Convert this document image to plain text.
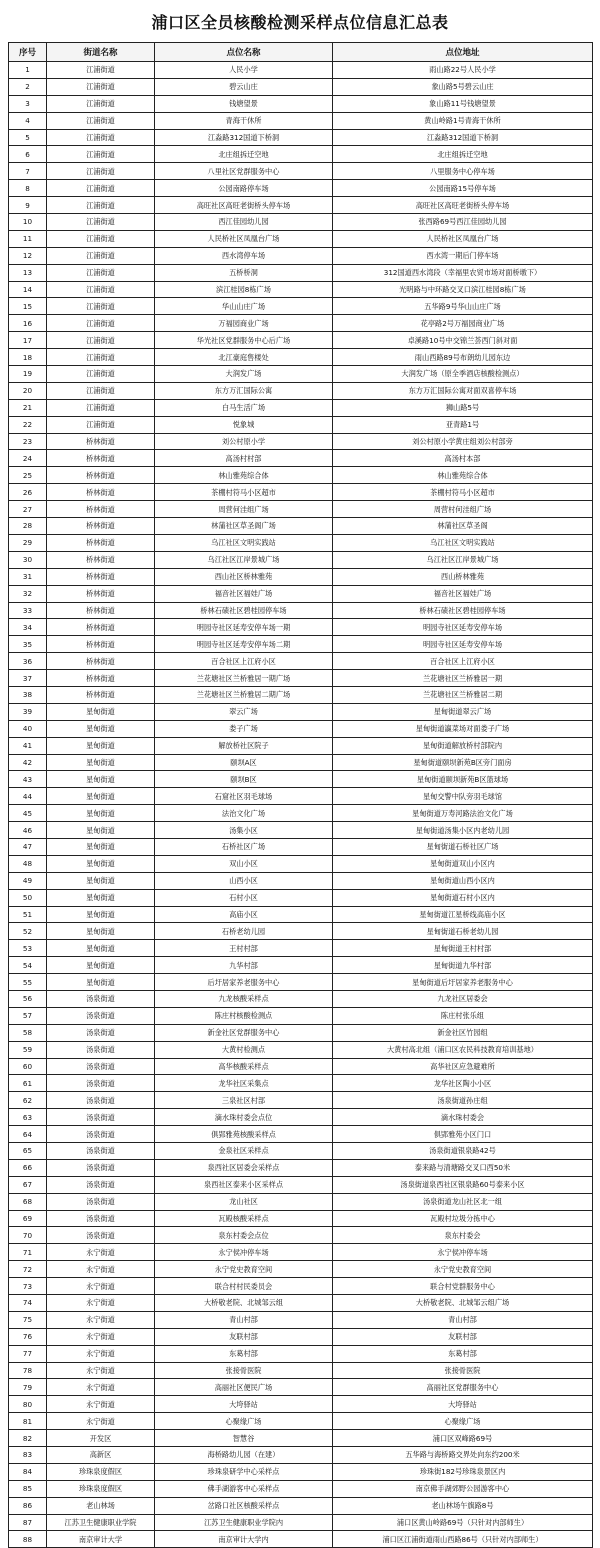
浦口区全员核酸检测采样点位信息汇总表
序号	街道名称	点位名称	点位地址
1	江浦街道	人民小学	雨山路22号人民小学
2	江浦街道	碧云山庄	象山路5号碧云山庄
3	江浦街道	钱塘望景	象山路11号钱塘望景
4	江浦街道	青海干休所	黄山岭路1号青海干休所
5	江浦街道	江淼路312国道下桥洞	江淼路312国道下桥洞
6	江浦街道	北庄组拆迁空地	北庄组拆迁空地
7	江浦街道	八里社区党群服务中心	八里服务中心停车场
8	江浦街道	公园南路停车场	公园南路15号停车场
9	江浦街道	高旺社区高旺老街桥头停车场	高旺社区高旺老街桥头停车场
10	江浦街道	西江佳园幼儿园	张西路69号西江佳园幼儿园
11	江浦街道	人民桥社区凤凰台广场	人民桥社区凤凰台广场
12	江浦街道	西水湾停车场	西水湾一期后门停车场
13	江浦街道	五桥桥洞	312国道西水湾段（幸福里农贸市场对面桥墩下）
14	江浦街道	滨江桂园8栋广场	光明路与中环路交叉口滨江桂园8栋广场
15	江浦街道	华山山庄广场	五华路9号华山山庄广场
16	江浦街道	万福园商业广场	花亭路2号万福园商业广场
17	江浦街道	华光社区党群服务中心后广场	卓溪路10号中交锦兰荟西门斜对面
18	江浦街道	北江豪庭售楼处	雨山西路89号布朗幼儿园东边
19	江浦街道	大润发广场	大润发广场（原全季酒店核酸检测点）
20	江浦街道	东方万汇国际公寓	东方万汇国际公寓对面双喜停车场
21	江浦街道	白马生活广场	狮山路5号
22	江浦街道	悦象城	亚青路1号
23	桥林街道	刘公村原小学	刘公村原小学黄庄组刘公村部旁
24	桥林街道	高汤村村部	高汤村本部
25	桥林街道	林山雅苑综合体	林山雅苑综合体
26	桥林街道	茶棚村符马小区超市	茶棚村符马小区超市
27	桥林街道	周营何洼组广场	周营村何洼组广场
28	桥林街道	林蒲社区草圣阁广场	林蒲社区草圣阁
29	桥林街道	乌江社区文明实践站	乌江社区文明实践站
30	桥林街道	乌江社区江岸景城广场	乌江社区江岸景城广场
31	桥林街道	西山社区桥林雅苑	西山桥林雅苑
32	桥林街道	福音社区福娃广场	福音社区福娃广场
33	桥林街道	桥林石碛社区碧桂园停车场	桥林石碛社区碧桂园停车场
34	桥林街道	明园寺社区延寿安停车场一期	明园寺社区延寿安停车场
35	桥林街道	明园寺社区延寿安停车场二期	明园寺社区延寿安停车场
36	桥林街道	百合社区上江府小区	百合社区上江府小区
37	桥林街道	兰花塘社区兰桥雅居一期广场	兰花塘社区兰桥雅居一期
38	桥林街道	兰花塘社区兰桥雅居二期广场	兰花塘社区兰桥雅居二期
39	星甸街道	翠云广场	星甸街道翠云广场
40	星甸街道	娄子广场	星甸街道瀛菜场对面娄子广场
41	星甸街道	解放桥社区院子	星甸街道解放桥村部院内
42	星甸街道	颐坝A区	星甸街道颐坝新苑B区旁门面房
43	星甸街道	颐坝B区	星甸街道颐坝新苑B区篮球场
44	星甸街道	石窟社区羽毛球场	星甸交警中队旁羽毛球馆
45	星甸街道	法治文化广场	星甸街道万寿河路法治文化广场
46	星甸街道	汤集小区	星甸街道汤集小区内老幼儿园
47	星甸街道	石桥社区广场	星甸街道石桥社区广场
48	星甸街道	双山小区	星甸街道双山小区内
49	星甸街道	山西小区	星甸街道山西小区内
50	星甸街道	石村小区	星甸街道石村小区内
51	星甸街道	高庙小区	星甸街道江星桥线高庙小区
52	星甸街道	石桥老幼儿园	星甸街道石桥老幼儿园
53	星甸街道	王村村部	星甸街道王村村部
54	星甸街道	九华村部	星甸街道九华村部
55	星甸街道	后圩居家养老服务中心	星甸街道后圩居家养老服务中心
56	汤泉街道	九龙核酸采样点	九龙社区居委会
57	汤泉街道	陈庄村核酸检测点	陈庄村张乐组
58	汤泉街道	新金社区党群服务中心	新金社区竹园组
59	汤泉街道	大黄村检测点	大黄村高北组（浦口区农民科技教育培训基地）
60	汤泉街道	高华核酸采样点	高华社区应急避难所
61	汤泉街道	龙华社区采集点	龙华社区陶小小区
62	汤泉街道	三泉社区村部	汤泉街道孙庄组
63	汤泉街道	滴水珠村委会点位	滴水珠村委会
64	汤泉街道	俱郢雅苑核酸采样点	俱郢雅苑小区门口
65	汤泉街道	金泉社区采样点	汤泉街道银泉路42号
66	汤泉街道	泉西社区居委会采样点	泰来路与清塘路交叉口西50米
67	汤泉街道	泉西社区泰来小区采样点	汤泉街道泉西社区银泉路60号泰来小区
68	汤泉街道	龙山社区	汤泉街道龙山社区北一组
69	汤泉街道	瓦殿核酸采样点	瓦殿村垃圾分拣中心
70	汤泉街道	泉东村委会点位	泉东村委会
71	永宁街道	永宁侯冲停车场	永宁侯冲停车场
72	永宁街道	永宁党史教育空间	永宁党史教育空间
73	永宁街道	联合村村民委员会	联合村党群服务中心
74	永宁街道	大桥敬老院、北城邹云组	大桥敬老院、北城邹云组广场
75	永宁街道	青山村部	青山村部
76	永宁街道	友联村部	友联村部
77	永宁街道	东葛村部	东葛村部
78	永宁街道	张接骨医院	张接骨医院
79	永宁街道	高丽社区便民广场	高丽社区党群服务中心
80	永宁街道	大垮驿站	大垮驿站
81	永宁街道	心聚缘广场	心聚缘广场
82	开发区	智慧谷	浦口区双峰路69号
83	高新区	海桥路幼儿园（在建）	五华路与海桥路交界处向东约200米
84	珍珠泉度假区	珍珠泉研学中心采样点	珍珠街182号珍珠泉景区内
85	珍珠泉度假区	佛手湖游客中心采样点	南京佛手湖郊野公园游客中心
86	老山林场	岔路口社区核酸采样点	老山林场午旗路8号
87	江苏卫生健康职业学院	江苏卫生健康职业学院内	浦口区黄山岭路69号（只针对内部师生）
88	南京审计大学	南京审计大学内	浦口区江浦街道雨山西路86号（只针对内部师生）
